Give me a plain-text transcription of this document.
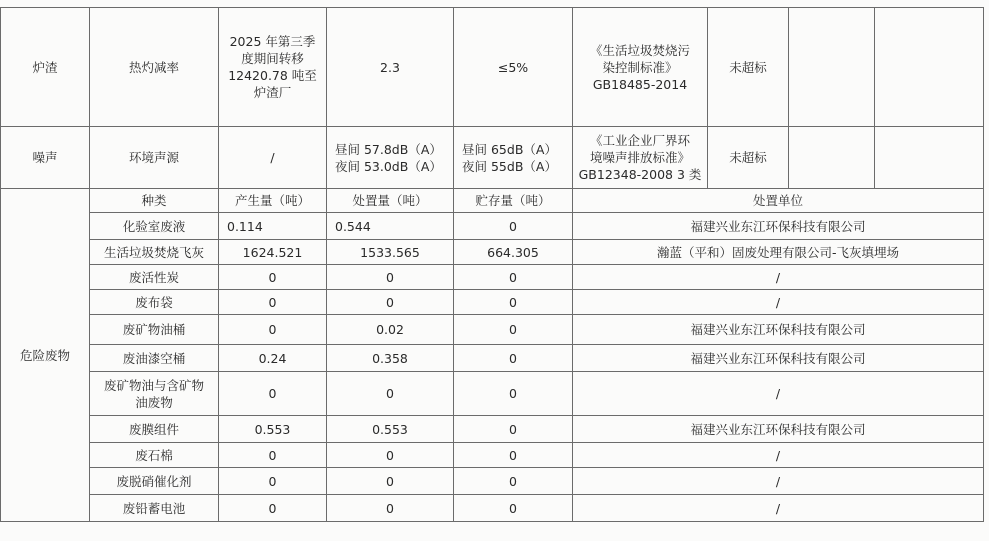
炉渣	热灼减率	2025 年第三季
度期间转移
12420.78 吨至
炉渣厂	2.3	≤5%	《生活垃圾焚烧污
染控制标准》
GB18485-2014	未超标		
噪声	环境声源	/	昼间 57.8dB（A）
夜间 53.0dB（A）	昼间 65dB（A）
夜间 55dB（A）	《工业企业厂界环
境噪声排放标准》
GB12348-2008 3 类	未超标		
危险废物	种类	产生量（吨）	处置量（吨）	贮存量（吨）	处置单位			
	化验室废液	0.114	0.544	0	福建兴业东江环保科技有限公司			
	生活垃圾焚烧飞灰	1624.521	1533.565	664.305	瀚蓝（平和）固废处理有限公司-飞灰填埋场			
	废活性炭	0	0	0	/			
	废布袋	0	0	0	/			
	废矿物油桶	0	0.02	0	福建兴业东江环保科技有限公司			
	废油漆空桶	0.24	0.358	0	福建兴业东江环保科技有限公司			

	废矿物油与含矿物
油废物	0	0	0	/			
	废膜组件	0.553	0.553	0	福建兴业东江环保科技有限公司			
	废石棉	0	0	0	/			
	废脱硝催化剂	0	0	0	/			
	废铅蓄电池	0	0	0	/			
